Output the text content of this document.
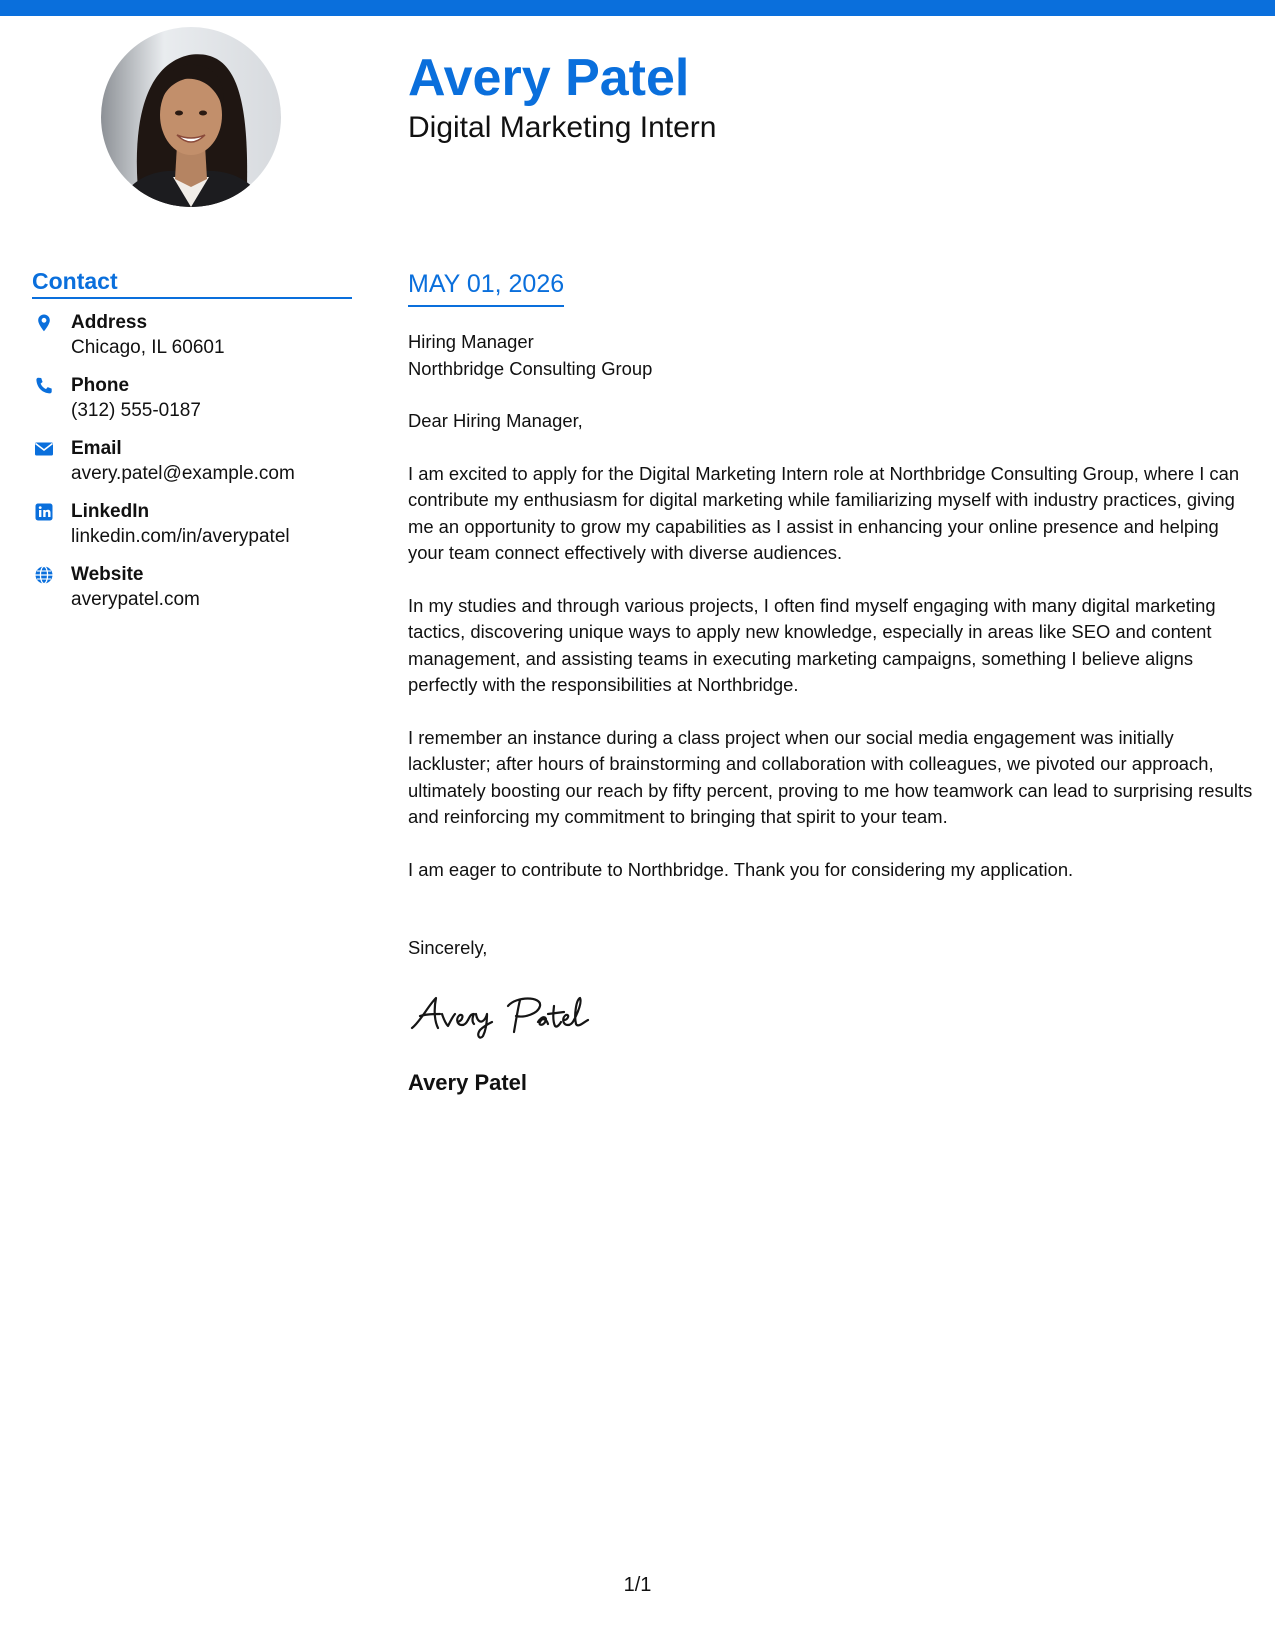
Avery Patel
Digital Marketing Intern
Contact
Address
Chicago, IL 60601
Phone
(312) 555-0187
Email
avery.patel@example.com
LinkedIn
linkedin.com/in/averypatel
Website
averypatel.com
MAY 01, 2026
Hiring Manager
Northbridge Consulting Group

Dear Hiring Manager,

I am excited to apply for the Digital Marketing Intern role at Northbridge Consulting Group, where I can contribute my enthusiasm for digital marketing while familiarizing myself with industry practices, giving me an opportunity to grow my capabilities as I assist in enhancing your online presence and helping your team connect effectively with diverse audiences.

In my studies and through various projects, I often find myself engaging with many digital marketing tactics, discovering unique ways to apply new knowledge, especially in areas like SEO and content management, and assisting teams in executing marketing campaigns, something I believe aligns perfectly with the responsibilities at Northbridge.

I remember an instance during a class project when our social media engagement was initially lackluster; after hours of brainstorming and collaboration with colleagues, we pivoted our approach, ultimately boosting our reach by fifty percent, proving to me how teamwork can lead to surprising results and reinforcing my commitment to bringing that spirit to your team.

I am eager to contribute to Northbridge. Thank you for considering my application.

Sincerely,

Avery Patel
1/1
